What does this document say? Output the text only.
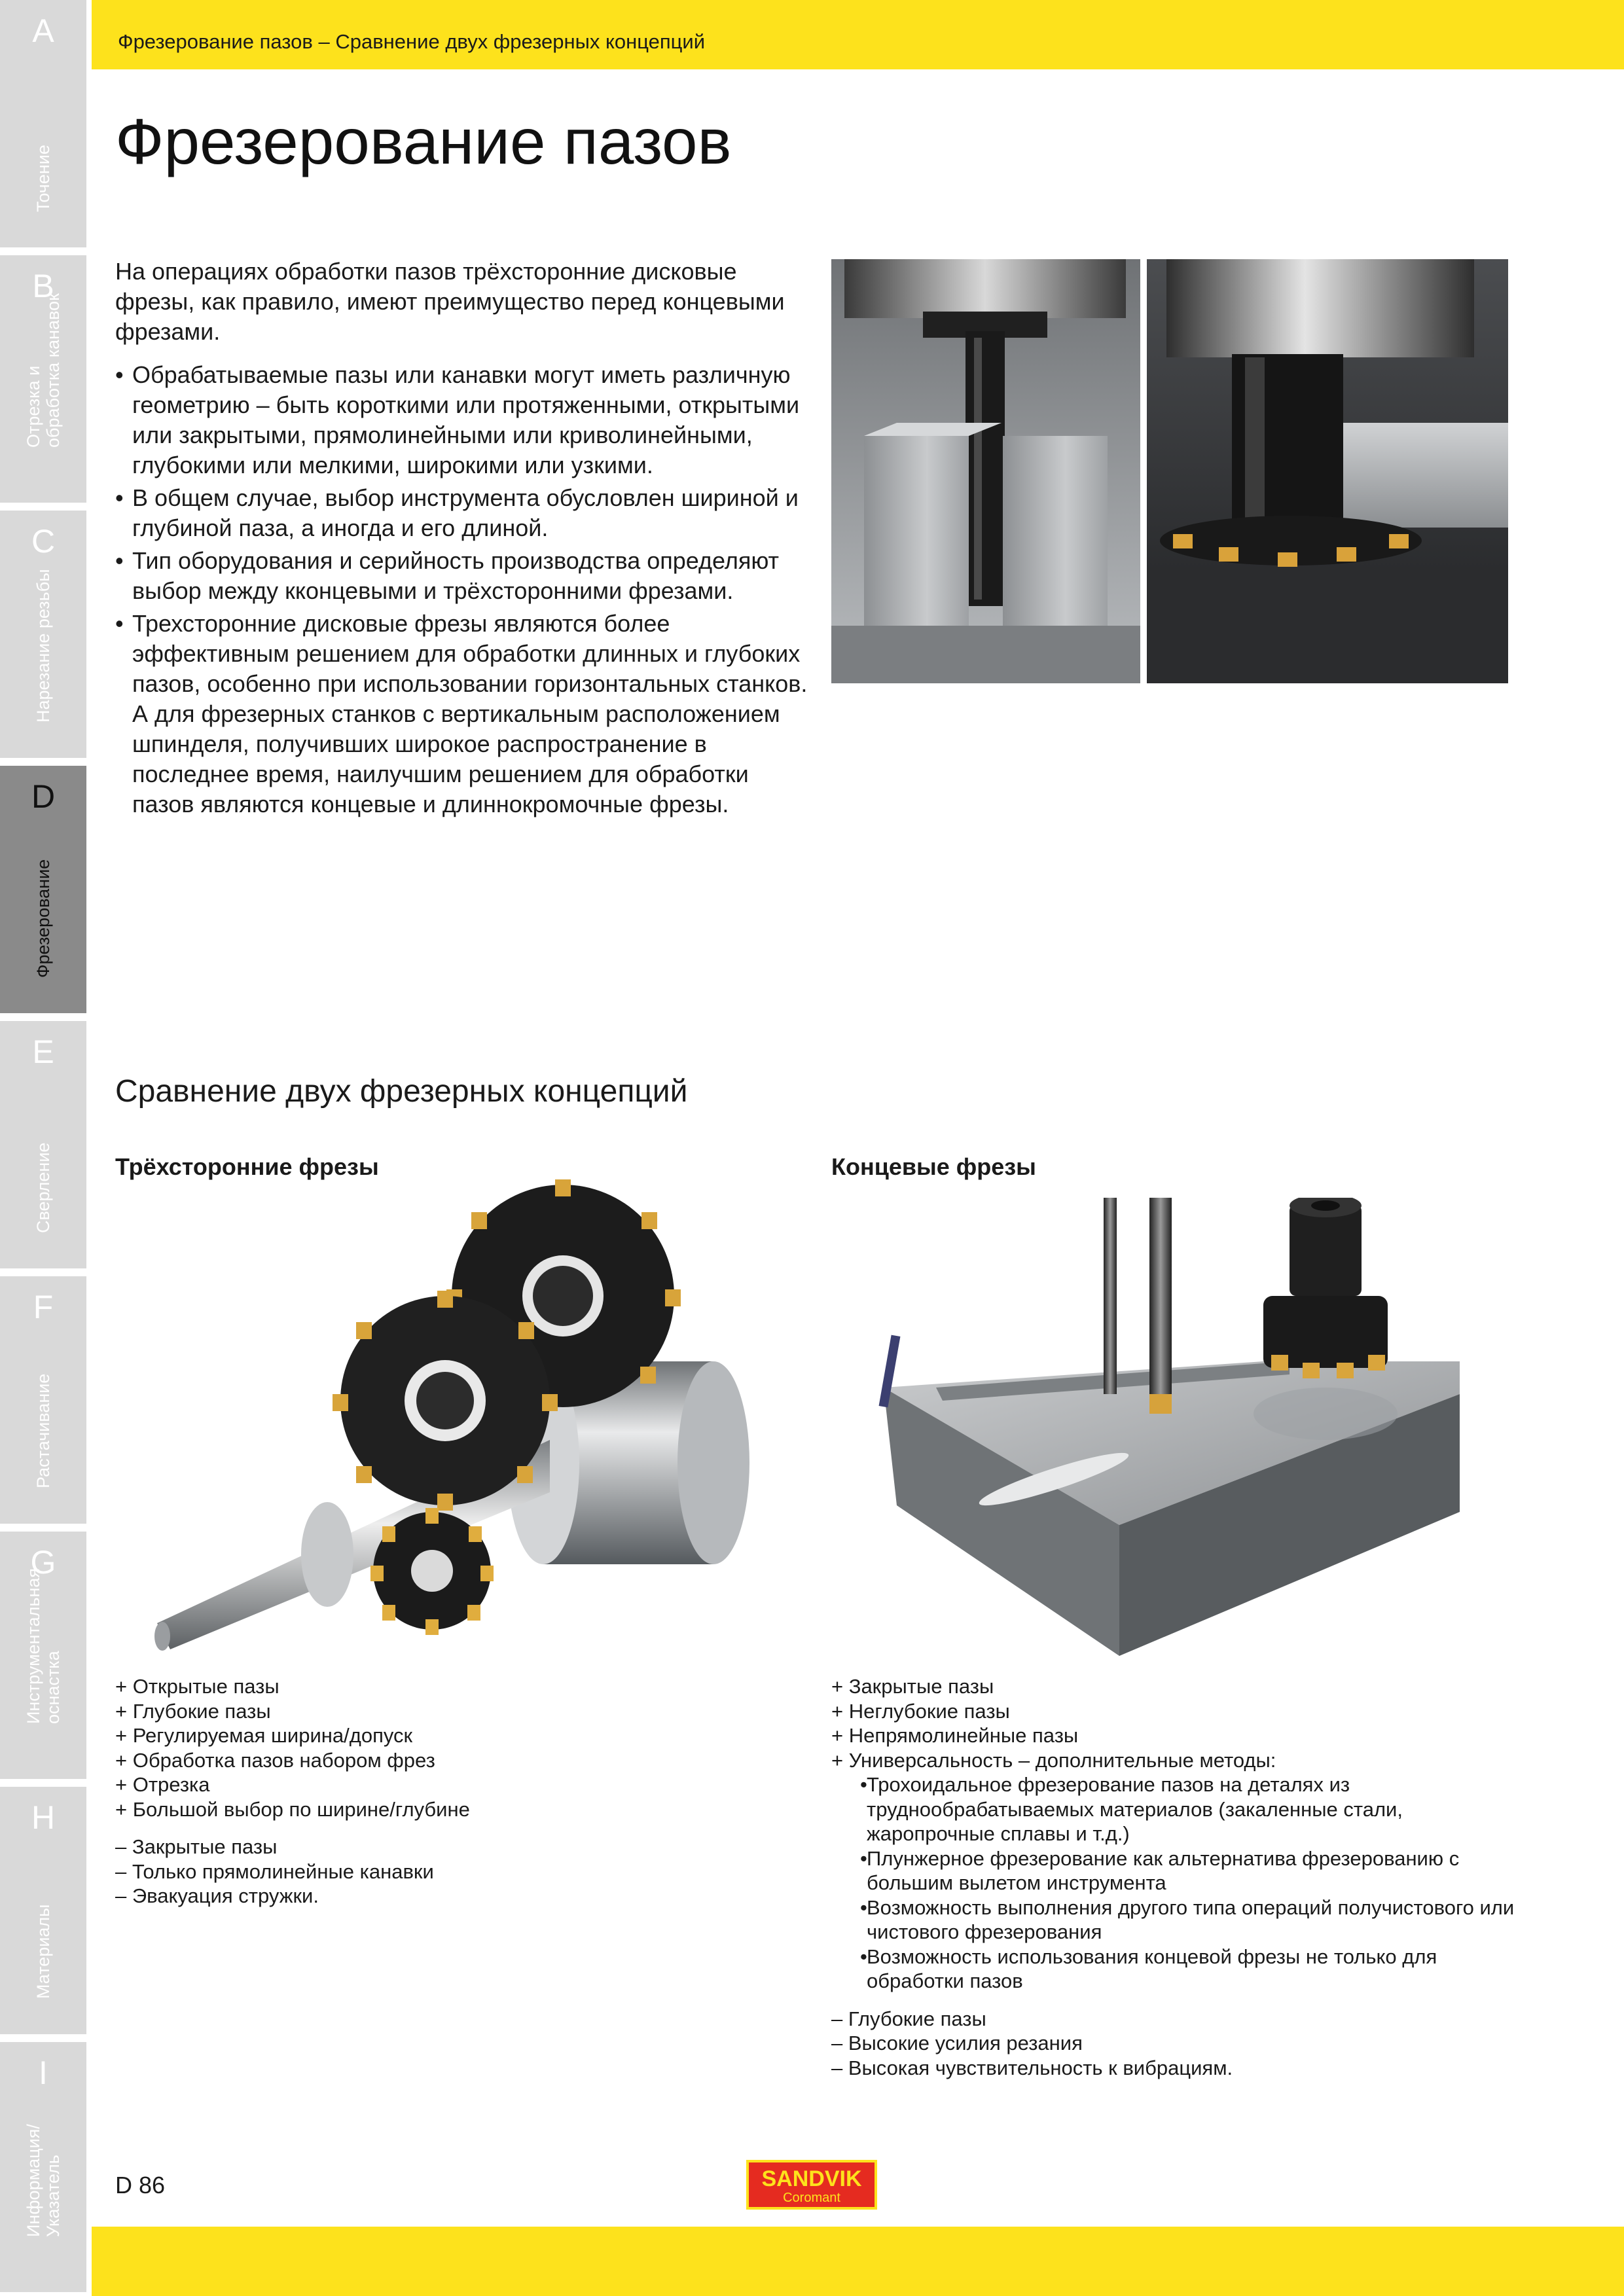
A
Точение
B
Отрезка и
обработка канавок
C
Нарезание резьбы
D
Фрезерование
E
Сверление
F
Растачивание
G
Инструментальная
оснастка
H
Материалы
I
Информация/
Указатель
Фрезерование пазов – Сравнение двух фрезерных концепций
Фрезерование пазов

На операциях обработки пазов трёхсторонние дисковые фрезы, как правило, имеют преимущество перед концевыми фрезами.

• Обрабатываемые пазы или канавки могут иметь различную геометрию – быть короткими или протяженными, открытыми или закрытыми, прямолинейными или криволинейными, глубокими или мелкими, широкими или узкими.
• В общем случае, выбор инструмента обусловлен шириной и глубиной паза, а иногда и его длиной.
• Тип оборудования и серийность производства определяют выбор между кконцевыми и трёхсторонними фрезами.
• Трехсторонние дисковые фрезы являются более эффективным решением для обработки длинных и глубоких пазов, особенно при использовании горизонтальных станков. А для фрезерных станков с вертикальным расположением шпинделя, получивших широкое распространение в последнее время, наилучшим решением для обработки пазов являются концевые и длиннокромочные фрезы.
Сравнение двух фрезерных концепций
Трёхсторонние фрезы	Концевые фрезы
+ Открытые пазы
+ Глубокие пазы
+ Регулируемая ширина/допуск
+ Обработка пазов набором фрез
+ Отрезка
+ Большой выбор по ширине/глубине
– Закрытые пазы
– Только прямолинейные канавки
– Эвакуация стружки.
+ Закрытые пазы
+ Неглубокие пазы
+ Непрямолинейные пазы
+ Универсальность – дополнительные методы:
• Трохоидальное фрезерование пазов на деталях из труднообрабатываемых материалов (закаленные стали, жаропрочные сплавы и т.д.)
• Плунжерное фрезерование как альтернатива фрезерованию с большим вылетом инструмента
• Возможность выполнения другого типа операций получистового или чистового фрезерования
• Возможность использования концевой фрезы не только для обработки пазов
– Глубокие пазы
– Высокие усилия резания
– Высокая чувствительность к вибрациям.
D 86	SANDVIK
Coromant
